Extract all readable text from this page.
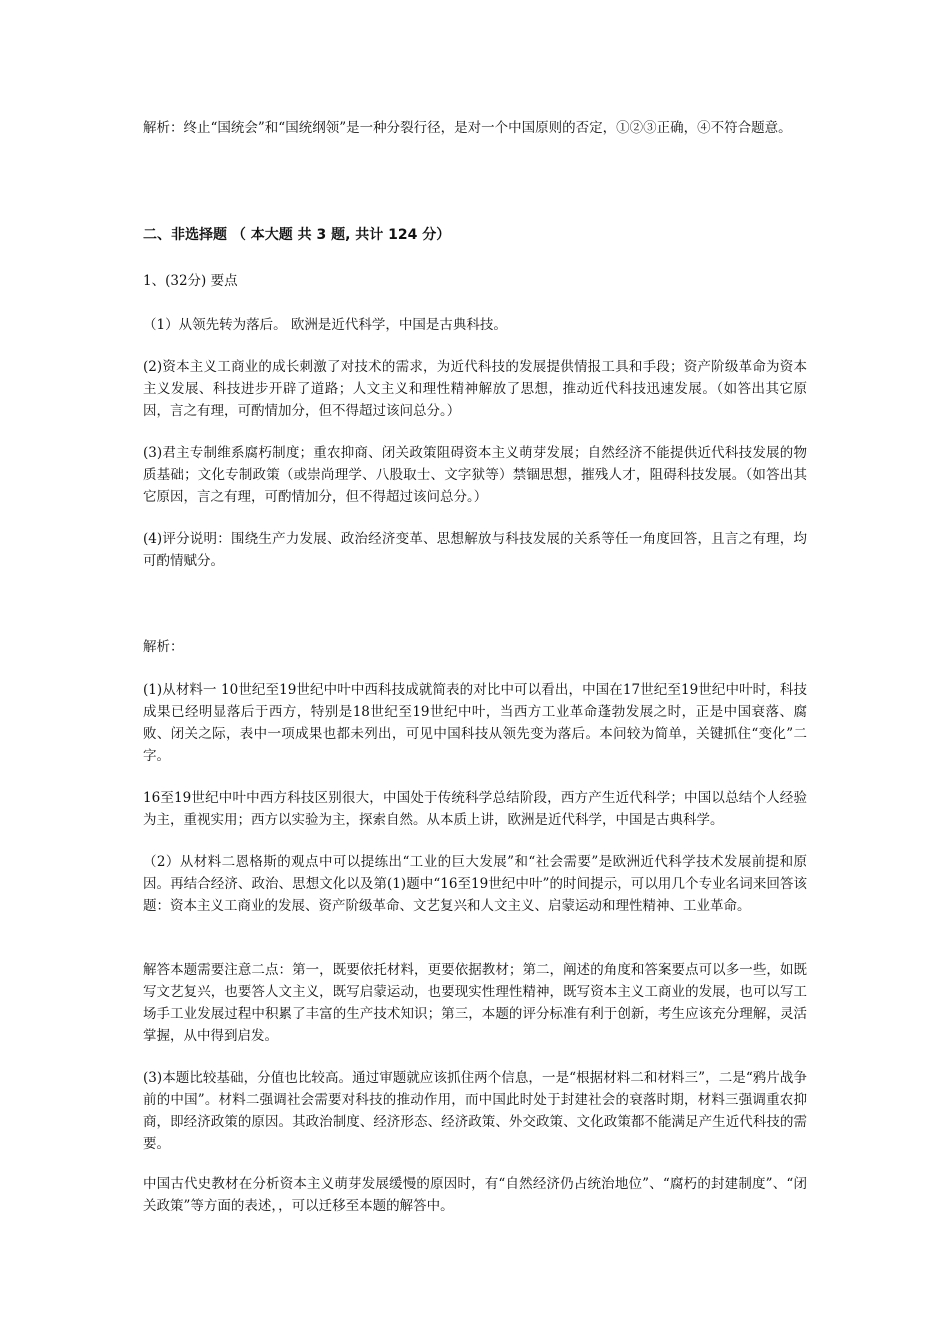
解析：终止“国统会”和“国统纲领”是一种分裂行径，是对一个中国原则的否定，①②③正确，④不符合题意。

二、非选择题 （ 本大题 共 3 题, 共计 124 分）

1、(32分) 要点

（1）从领先转为落后。 欧洲是近代科学，中国是古典科技。

(2)资本主义工商业的成长刺激了对技术的需求，为近代科技的发展提供情报工具和手段；资产阶级革命为资本主义发展、科技进步开辟了道路；人文主义和理性精神解放了思想，推动近代科技迅速发展。（如答出其它原因，言之有理，可酌情加分，但不得超过该问总分。）

(3)君主专制维系腐朽制度；重农抑商、闭关政策阻碍资本主义萌芽发展；自然经济不能提供近代科技发展的物质基础；文化专制政策（或崇尚理学、八股取士、文字狱等）禁锢思想，摧残人才，阻碍科技发展。（如答出其它原因，言之有理，可酌情加分，但不得超过该问总分。）

(4)评分说明：围绕生产力发展、政治经济变革、思想解放与科技发展的关系等任一角度回答，且言之有理，均可酌情赋分。

解析：

(1)从材料一 10世纪至19世纪中叶中西科技成就简表的对比中可以看出，中国在17世纪至19世纪中叶时，科技成果已经明显落后于西方，特别是18世纪至19世纪中叶，当西方工业革命蓬勃发展之时，正是中国衰落、腐败、闭关之际，表中一项成果也都未列出，可见中国科技从领先变为落后。本问较为简单，关键抓住“变化”二字。

16至19世纪中叶中西方科技区别很大，中国处于传统科学总结阶段，西方产生近代科学；中国以总结个人经验为主，重视实用；西方以实验为主，探索自然。从本质上讲，欧洲是近代科学，中国是古典科学。

（2）从材料二恩格斯的观点中可以提练出“工业的巨大发展”和“社会需要”是欧洲近代科学技术发展前提和原因。再结合经济、政治、思想文化以及第(1)题中“16至19世纪中叶”的时间提示，可以用几个专业名词来回答该题：资本主义工商业的发展、资产阶级革命、文艺复兴和人文主义、启蒙运动和理性精神、工业革命。

解答本题需要注意二点：第一，既要依托材料，更要依据教材；第二，阐述的角度和答案要点可以多一些，如既写文艺复兴，也要答人文主义，既写启蒙运动，也要现实性理性精神，既写资本主义工商业的发展，也可以写工场手工业发展过程中积累了丰富的生产技术知识；第三，本题的评分标准有利于创新，考生应该充分理解，灵活掌握，从中得到启发。

(3)本题比较基础，分值也比较高。通过审题就应该抓住两个信息，一是“根据材料二和材料三”，二是“鸦片战争前的中国”。材料二强调社会需要对科技的推动作用，而中国此时处于封建社会的衰落时期，材料三强调重农抑商，即经济政策的原因。其政治制度、经济形态、经济政策、外交政策、文化政策都不能满足产生近代科技的需要。

中国古代史教材在分析资本主义萌芽发展缓慢的原因时，有“自然经济仍占统治地位”、“腐朽的封建制度”、“闭关政策”等方面的表述，，可以迁移至本题的解答中。
